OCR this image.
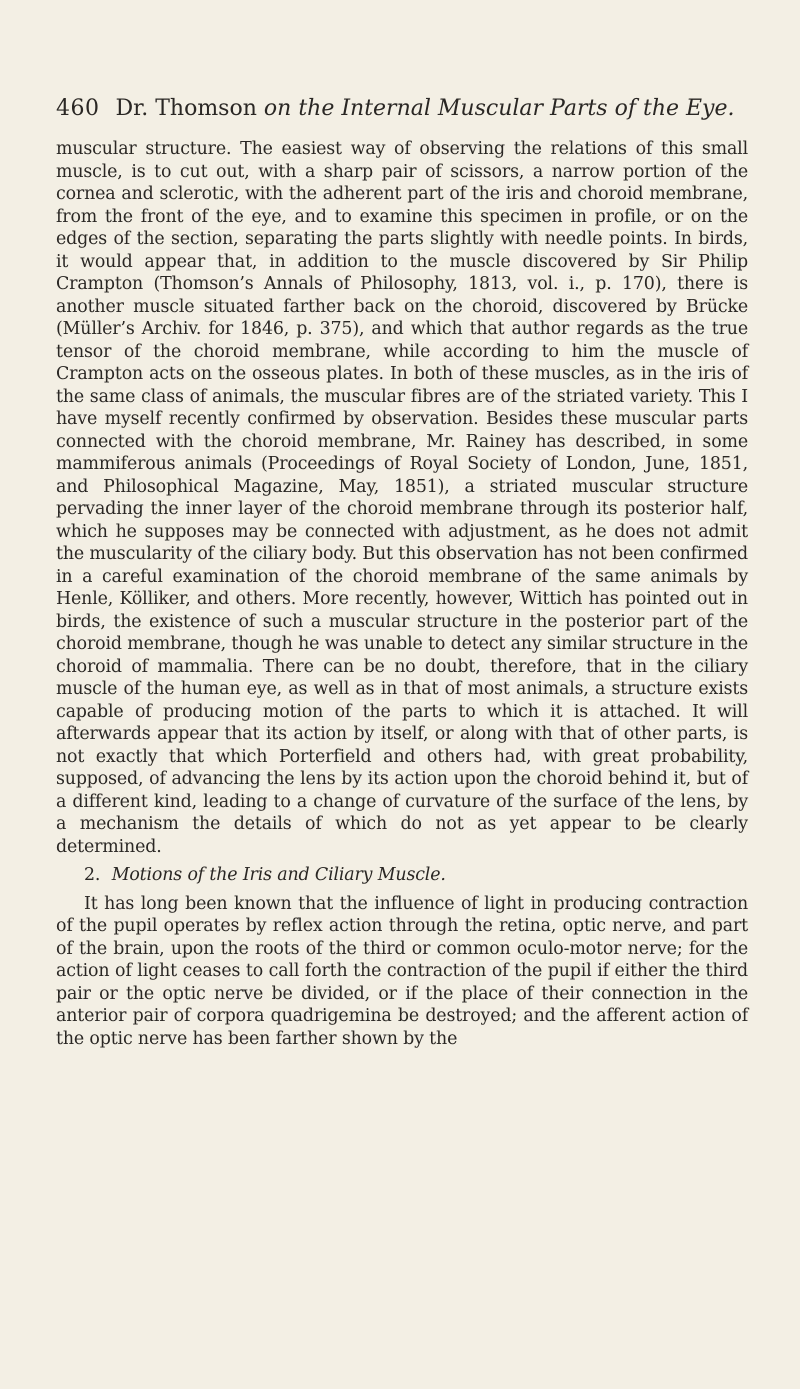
460 Dr. Thomson
on
the Internal Muscular Parts of the Eye.

muscular structure. The easiest way of observing the relations of this small muscle, is to cut out, with a sharp pair of scissors, a narrow portion of the cornea and sclerotic, with the adherent part of the iris and choroid membrane, from the front of the eye, and to examine this specimen in profile, or on the edges of the section, separating the parts slightly with needle points. In birds, it would appear that, in addition to the muscle discovered by Sir Philip Crampton (Thomson’s Annals of Philosophy, 1813, vol. i., p. 170), there is another muscle situated farther back on the choroid, discovered by Brücke (Müller’s Archiv. for 1846, p. 375), and which that author regards as the true tensor of the choroid membrane, while according to him the muscle of Crampton acts on the osseous plates. In both of these muscles, as in the iris of the same class of animals, the muscular fibres are of the striated variety. This I have myself recently confirmed by observation. Besides these muscular parts connected with the choroid membrane, Mr. Rainey has described, in some mammiferous animals (Proceedings of Royal Society of London, June, 1851, and Philosophical Magazine, May, 1851), a striated muscular structure pervading the inner layer of the choroid membrane through its posterior half, which he supposes may be connected with adjustment, as he does not admit the muscularity of the ciliary body. But this observation has not been confirmed in a careful examination of the choroid membrane of the same animals by Henle, Kölliker, and others. More recently, however, Wittich has pointed out in birds, the existence of such a muscular structure in the posterior part of the choroid membrane, though he was unable to detect any similar structure in the choroid of mammalia. There can be no doubt, therefore, that in the ciliary muscle of the human eye, as well as in that of most animals, a structure exists capable of producing motion of the parts to which it is attached. It will afterwards appear that its action by itself, or along with that of other parts, is not exactly that which Porterfield and others had, with great probability, supposed, of advancing the lens by its action upon the choroid behind it, but of a different kind, leading to a change of curvature of the surface of the lens, by a mechanism the details of which do not as yet appear to be clearly determined.

2. Motions of the Iris and Ciliary Muscle.

It has long been known that the influence of light in producing contraction of the pupil operates by reflex action through the retina, optic nerve, and part of the brain, upon the roots of the third or common oculo-motor nerve; for the action of light ceases to call forth the contraction of the pupil if either the third pair or the optic nerve be divided, or if the place of their connection in the anterior pair of corpora quadrigemina be destroyed; and the afferent action of the optic nerve has been farther shown by the
